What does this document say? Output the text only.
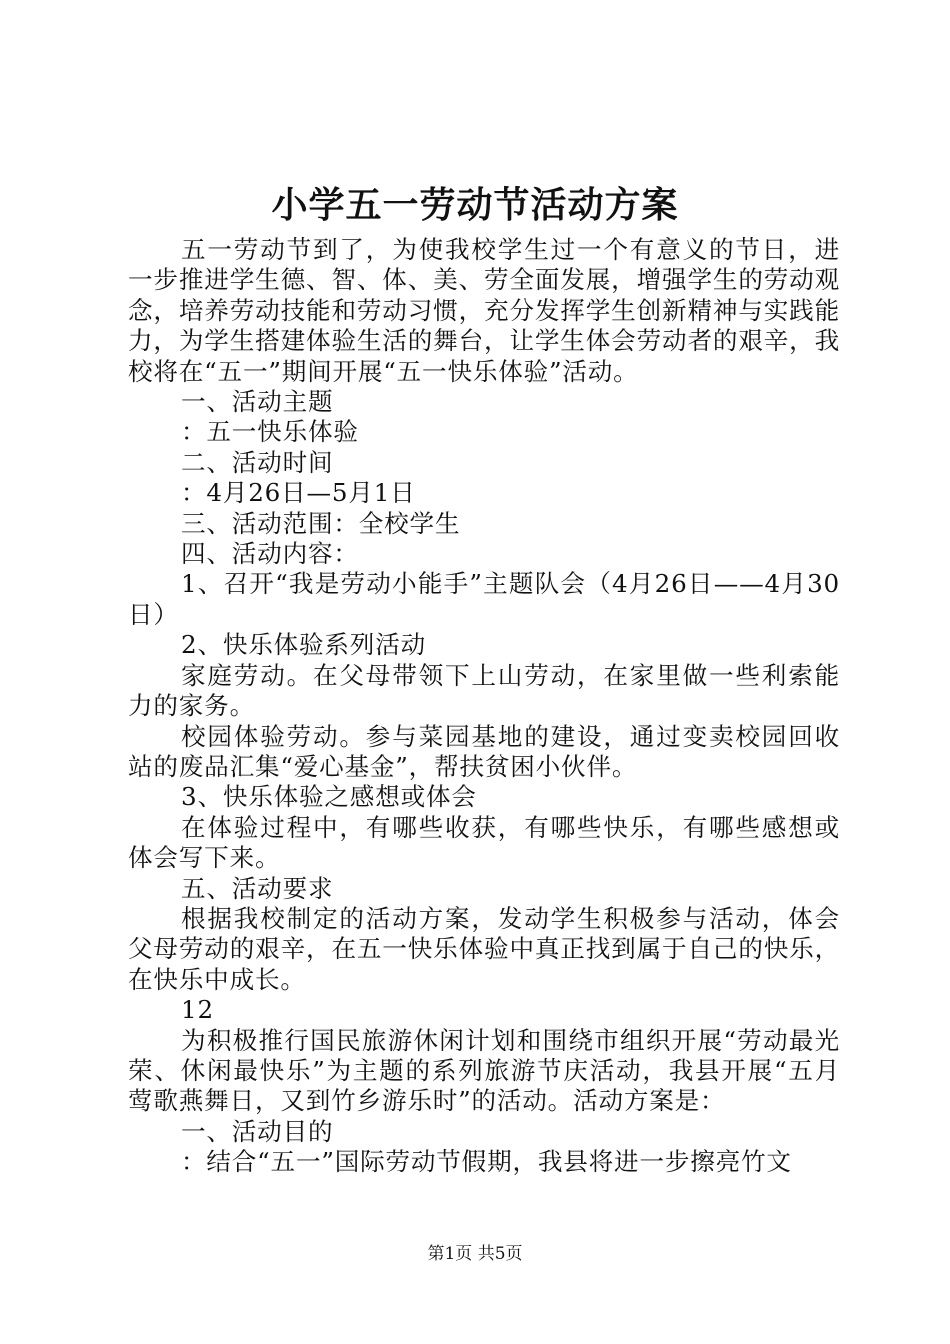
小学五一劳动节活动方案

五一劳动节到了，为使我校学生过一个有意义的节日，进一步推进学生德、智、体、美、劳全面发展，增强学生的劳动观念，培养劳动技能和劳动习惯，充分发挥学生创新精神与实践能力，为学生搭建体验生活的舞台，让学生体会劳动者的艰辛，我校将在“五一”期间开展“五一快乐体验”活动。

一、活动主题

：五一快乐体验

二、活动时间

：4月26日—5月1日

三、活动范围：全校学生

四、活动内容：

1、召开“我是劳动小能手”主题队会（4月26日——4月30日）

2、快乐体验系列活动

家庭劳动。在父母带领下上山劳动，在家里做一些利索能力的家务。

校园体验劳动。参与菜园基地的建设，通过变卖校园回收站的废品汇集“爱心基金”，帮扶贫困小伙伴。

3、快乐体验之感想或体会

在体验过程中，有哪些收获，有哪些快乐，有哪些感想或体会写下来。

五、活动要求

根据我校制定的活动方案，发动学生积极参与活动，体会父母劳动的艰辛，在五一快乐体验中真正找到属于自己的快乐，在快乐中成长。

12

为积极推行国民旅游休闲计划和围绕市组织开展“劳动最光荣、休闲最快乐”为主题的系列旅游节庆活动，我县开展“五月莺歌燕舞日，又到竹乡游乐时”的活动。活动方案是：

一、活动目的

：结合“五一”国际劳动节假期，我县将进一步擦亮竹文

第1页 共5页
